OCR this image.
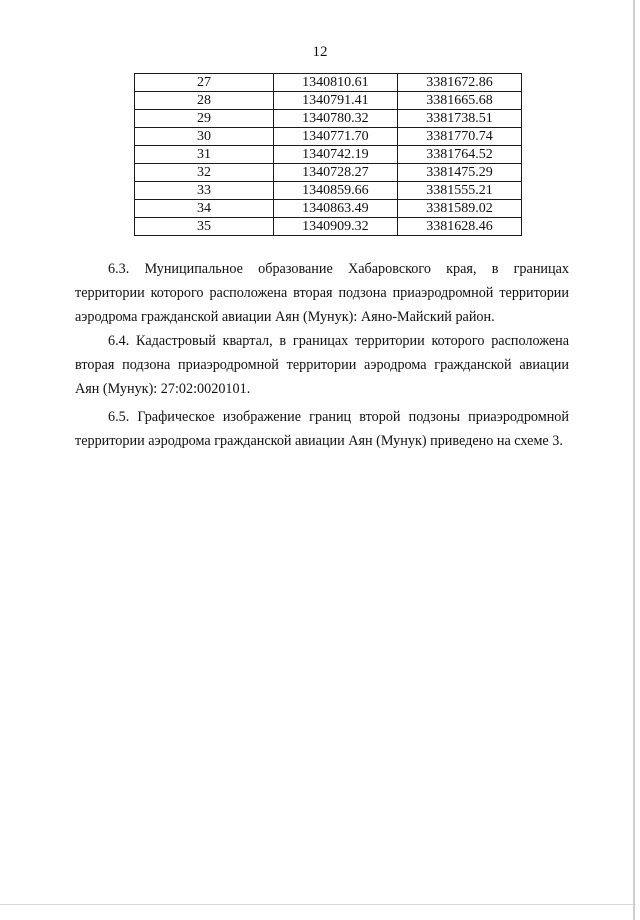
12
27	1340810.61	3381672.86
28	1340791.41	3381665.68
29	1340780.32	3381738.51
30	1340771.70	3381770.74
31	1340742.19	3381764.52
32	1340728.27	3381475.29
33	1340859.66	3381555.21
34	1340863.49	3381589.02
35	1340909.32	3381628.46

6.3. Муниципальное образование Хабаровского края, в границах территории которого расположена вторая подзона приаэродромной территории аэродрома гражданской авиации Аян (Мунук): Аяно-Майский район.

6.4. Кадастровый квартал, в границах территории которого расположена вторая подзона приаэродромной территории аэродрома гражданской авиации Аян (Мунук): 27:02:0020101.

6.5. Графическое изображение границ второй подзоны приаэродромной территории аэродрома гражданской авиации Аян (Мунук) приведено на схеме 3.
